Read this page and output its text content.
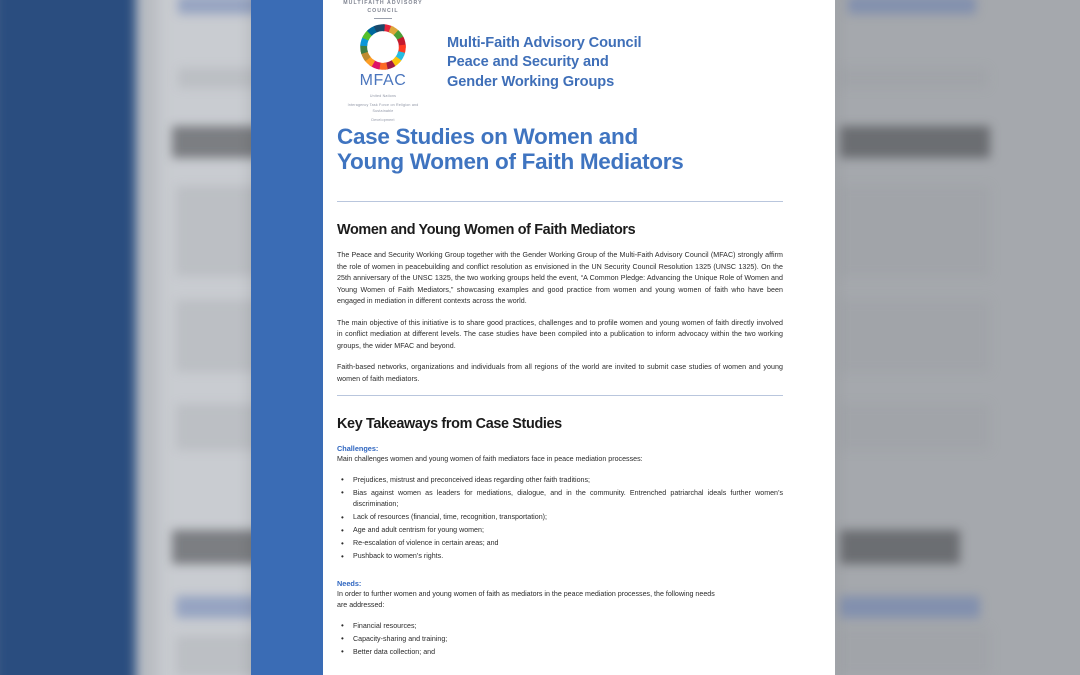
MULTIFAITH ADVISORY
COUNCIL
MFAC
United Nations
Interagency Task Force on Religion and Sustainable
Development
Multi-Faith Advisory Council
Peace and Security and
Gender Working Groups
Case Studies on Women and
Young Women of Faith Mediators
Women and Young Women of Faith Mediators

The Peace and Security Working Group together with the Gender Working Group of the Multi-Faith Advisory Council (MFAC) strongly affirm the role of women in peacebuilding and conflict resolution as envisioned in the UN Security Council Resolution 1325 (UNSC 1325). On the 25th anniversary of the UNSC 1325, the two working groups held the event, “A Common Pledge: Advancing the Unique Role of Women and Young Women of Faith Mediators,” showcasing examples and good practice from women and young women of faith who have been engaged in mediation in different contexts across the world.

The main objective of this initiative is to share good practices, challenges and to profile women and young women of faith directly involved in conflict mediation at different levels. The case studies have been compiled into a publication to inform advocacy within the two working groups, the wider MFAC and beyond.

Faith-based networks, organizations and individuals from all regions of the world are invited to submit case studies of women and young women of faith mediators.

Key Takeaways from Case Studies
Challenges:

Main challenges women and young women of faith mediators face in peace mediation processes:

• Prejudices, mistrust and preconceived ideas regarding other faith traditions;
• Bias against women as leaders for mediations, dialogue, and in the community. Entrenched patriarchal ideals further women’s discrimination;
• Lack of resources (financial, time, recognition, transportation);
• Age and adult centrism for young women;
• Re-escalation of violence in certain areas; and
• Pushback to women’s rights.
Needs:

In order to further women and young women of faith as mediators in the peace mediation processes, the following needs are addressed:

• Financial resources;
• Capacity-sharing and training;
• Better data collection; and
